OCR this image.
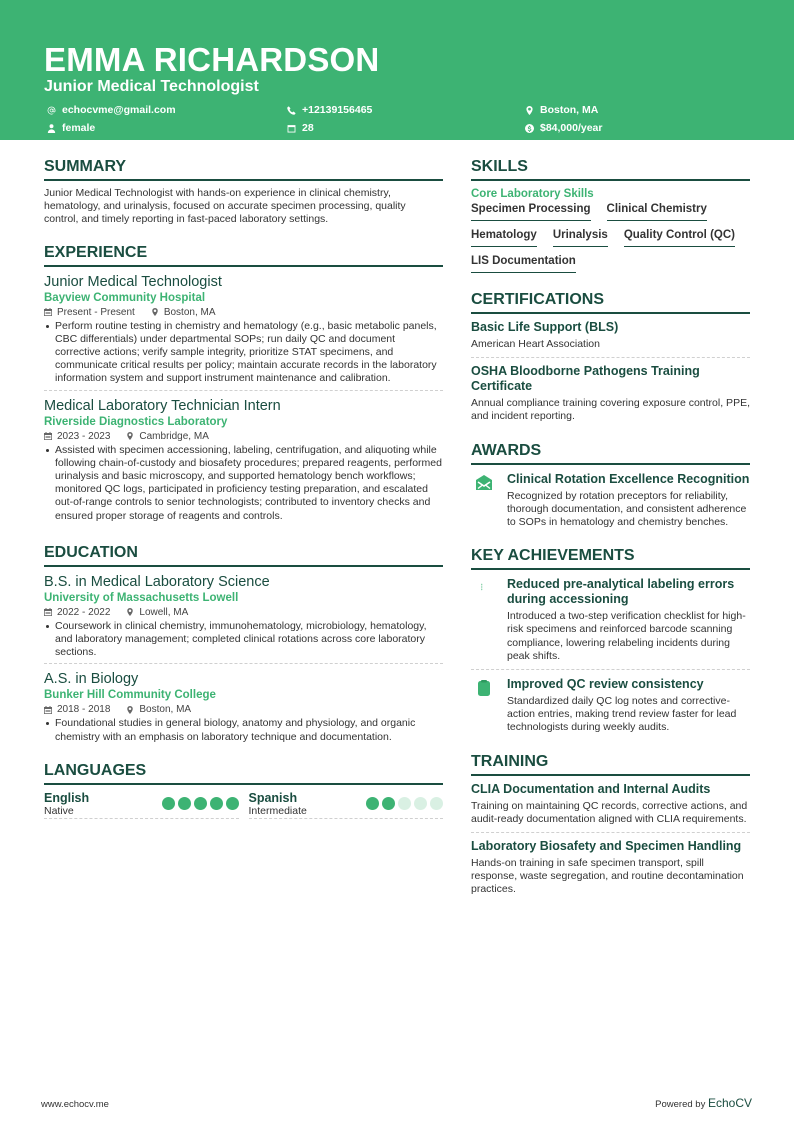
EMMA RICHARDSON
Junior Medical Technologist
echocvme@gmail.com	+12139156465	Boston, MA
female	28	$84,000/year
SUMMARY
Junior Medical Technologist with hands-on experience in clinical chemistry, hematology, and urinalysis, focused on accurate specimen processing, quality control, and timely reporting in fast-paced laboratory settings.
EXPERIENCE
Junior Medical Technologist
Bayview Community Hospital
Present - Present	Boston, MA
Perform routine testing in chemistry and hematology (e.g., basic metabolic panels, CBC differentials) under departmental SOPs; run daily QC and document corrective actions; verify sample integrity, prioritize STAT specimens, and communicate critical results per policy; maintain accurate records in the laboratory information system and support instrument maintenance and calibration.
Medical Laboratory Technician Intern
Riverside Diagnostics Laboratory
2023 - 2023	Cambridge, MA
Assisted with specimen accessioning, labeling, centrifugation, and aliquoting while following chain-of-custody and biosafety procedures; prepared reagents, performed urinalysis and basic microscopy, and supported hematology bench workflows; monitored QC logs, participated in proficiency testing preparation, and escalated out-of-range controls to senior technologists; contributed to inventory checks and ensured proper storage of reagents and controls.
EDUCATION
B.S. in Medical Laboratory Science
University of Massachusetts Lowell
2022 - 2022	Lowell, MA
Coursework in clinical chemistry, immunohematology, microbiology, hematology, and laboratory management; completed clinical rotations across core laboratory sections.
A.S. in Biology
Bunker Hill Community College
2018 - 2018	Boston, MA
Foundational studies in general biology, anatomy and physiology, and organic chemistry with an emphasis on laboratory technique and documentation.
LANGUAGES
English
Native
Spanish
Intermediate
SKILLS
Core Laboratory Skills
Specimen Processing Clinical Chemistry
Hematology Urinalysis Quality Control (QC)
LIS Documentation
CERTIFICATIONS
Basic Life Support (BLS)
American Heart Association
OSHA Bloodborne Pathogens Training Certificate
Annual compliance training covering exposure control, PPE, and incident reporting.
AWARDS
Clinical Rotation Excellence Recognition
Recognized by rotation preceptors for reliability, thorough documentation, and consistent adherence to SOPs in hematology and chemistry benches.
KEY ACHIEVEMENTS
Reduced pre-analytical labeling errors during accessioning
Introduced a two-step verification checklist for high-risk specimens and reinforced barcode scanning compliance, lowering relabeling incidents during peak shifts.
Improved QC review consistency
Standardized daily QC log notes and corrective-action entries, making trend review faster for lead technologists during weekly audits.
TRAINING
CLIA Documentation and Internal Audits
Training on maintaining QC records, corrective actions, and audit-ready documentation aligned with CLIA requirements.
Laboratory Biosafety and Specimen Handling
Hands-on training in safe specimen transport, spill response, waste segregation, and routine decontamination practices.
www.echocv.me	Powered by EchoCV
